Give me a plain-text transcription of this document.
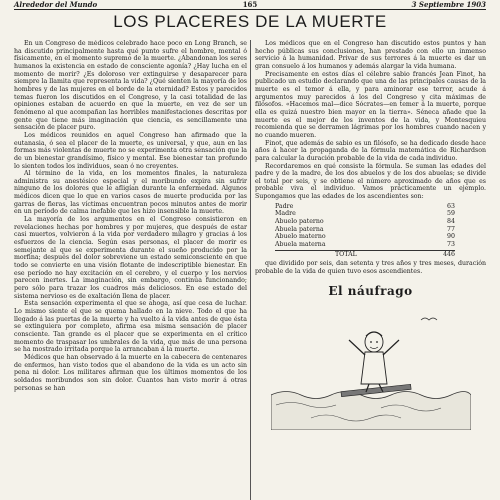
Alrededor del Mundo	165	3 Septiembre 1903
LOS PLACERES DE LA MUERTE

En un Congreso de médicos celebrado hace poco en Long Branch, se ha discutido principalmente hasta qué punto sufre el hombre, mental ó físicamente, en el momento supremo de la muerte. ¿Abandonan los seres humanos la existencia en estado de consciente agonía? ¿Hay lucha en el momento de morir? ¿Es doloroso ver extinguirse y desaparecer para siempre la llamita que representa la vida? ¿Qué sienten la mayoría de los hombres y de las mujeres en el borde de la eternidad? Estos y parecidos temas fueron los discutidos en el Congreso, y la casi totalidad de las opiniones estaban de acuerdo en que la muerte, en vez de ser un fenómeno al que acompañan las horribles manifestaciones descritas por gente que tiene más imaginación que ciencia, es sencillamente una sensación de placer puro.

Los médicos reunidos en aquel Congreso han afirmado que la eutanasia, ó sea el placer de la muerte, es universal, y que, aun en las formas más violentas de muerte no se experimenta otra sensación que la de un bienestar grandísimo, físico y mental. Ese bienestar tan profundo lo sienten todos los individuos, sean ó no creyentes.

Al término de la vida, en los momentos finales, la naturaleza administra su anestésico especial y el moribundo expira sin sufrir ninguno de los dolores que le afligían durante la enfermedad. Algunos médicos dicen que lo que en varios casos de muerte producida por las garras de fieras, las víctimas encuentran pocos minutos antes de morir en un período de calma inefable que les hizo insensible la muerte.

La mayoría de los argumentos en el Congreso consistieron en revelaciones hechas por hombres y por mujeres, que después de estar casi muertos, volvieron á la vida por verdadero milagro y gracias á los esfuerzos de la ciencia. Según esas personas, el placer de morir es semejante al que se experimenta durante el sueño producido por la morfina; después del dolor sobreviene un estado semiconsciente en que todo se convierte en una visión flotante de indescriptible bienestar. En ese período no hay excitación en el cerebro, y el cuerpo y los nervios parecen inertes. La imaginación, sin embargo, continúa funcionando; pero sólo para trazar los cuadros más deliciosos. En ese estado del sistema nervioso es de exaltación llena de placer.

Esta sensación experimenta el que se ahoga, así que cesa de luchar. Lo mismo siente el que se quema hallado en la nieve. Todo el que ha llegado á las puertas de la muerte y ha vuelto á la vida antes de que ésta se extinguiera por completo, afirma esa misma sensación de placer consciente. Tan grande es el placer que se experimenta en el crítico momento de traspasar los umbrales de la vida, que más de una persona se ha mostrado irritada porque la arrancaban á la muerte.

Médicos que han observado á la muerte en la cabecera de centenares de enfermos, han visto todos que el abandono de la vida es un acto sin pena ni dolor. Los militares afirman que los últimos momentos de los soldados moribundos son sin dolor. Cuantos han visto morir á otras personas se han

Los médicos que en el Congreso han discutido estos puntos y han hecho públicas sus conclusiones, han prestado con ello un inmenso servicio á la humanidad. Privar de sus terrores á la muerte es dar un gran consuelo á los humanos y además alargar la vida humana.

Precisamente en estos días el célebre sabio francés Jean Finot, ha publicado un estudio declarando que una de las principales causas de la muerte es el temor á ella, y para aminorar ese terror, acude á argumentos muy parecidos á los del Congreso y cita máximas de filósofos. «Hacemos mal—dice Sócrates—en temer á la muerte, porque ella es quizá nuestro bien mayor en la tierra». Séneca añade que la muerte es el mejor de los inventos de la vida, y Montesquieu recomienda que se derramen lágrimas por los hombres cuando nacen y no cuando mueren.

Finot, que además de sabio es un filósofo, se ha dedicado desde hace años á hacer la propaganda de la fórmula matemática de Richardson para calcular la duración probable de la vida de cada individuo.

Recordaremos en qué consiste la fórmula. Se suman las edades del padre y de la madre, de los dos abuelos y de los dos abuelas; se divide el total por seis, y se obtiene el número aproximado de años que es probable viva el individuo. Vamos prácticamente un ejemplo. Supongamos que las edades de los ascendientes son:

Padre	63
Madre	59
Abuelo paterno	84
Abuela paterna	77
Abuelo materno	90
Abuela materna	73
TOTAL	446

que dividido por seis, dan setenta y tres años y tres meses, duración probable de la vida de quien tuvo esos ascendientes.

El náufrago
